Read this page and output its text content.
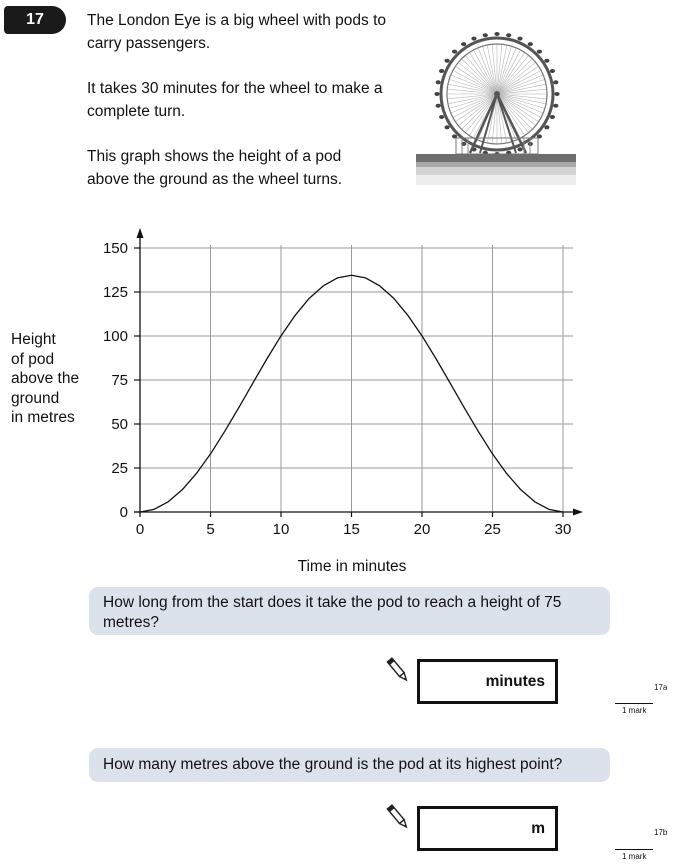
17	The London Eye is a big wheel with pods to carry passengers.

It takes 30 minutes for the wheel to make a complete turn.

This graph shows the height of a pod above the ground as the wheel turns.

0	5	10	15	20	25	30
0
25
50
75
100
125
150
Height
of pod
above the
ground
in metres
Time in minutes
How long from the start does it take the pod to reach a height of 75 metres?
minutes	17a
1 mark
How many metres above the ground is the pod at its highest point?
m	17b
1 mark
